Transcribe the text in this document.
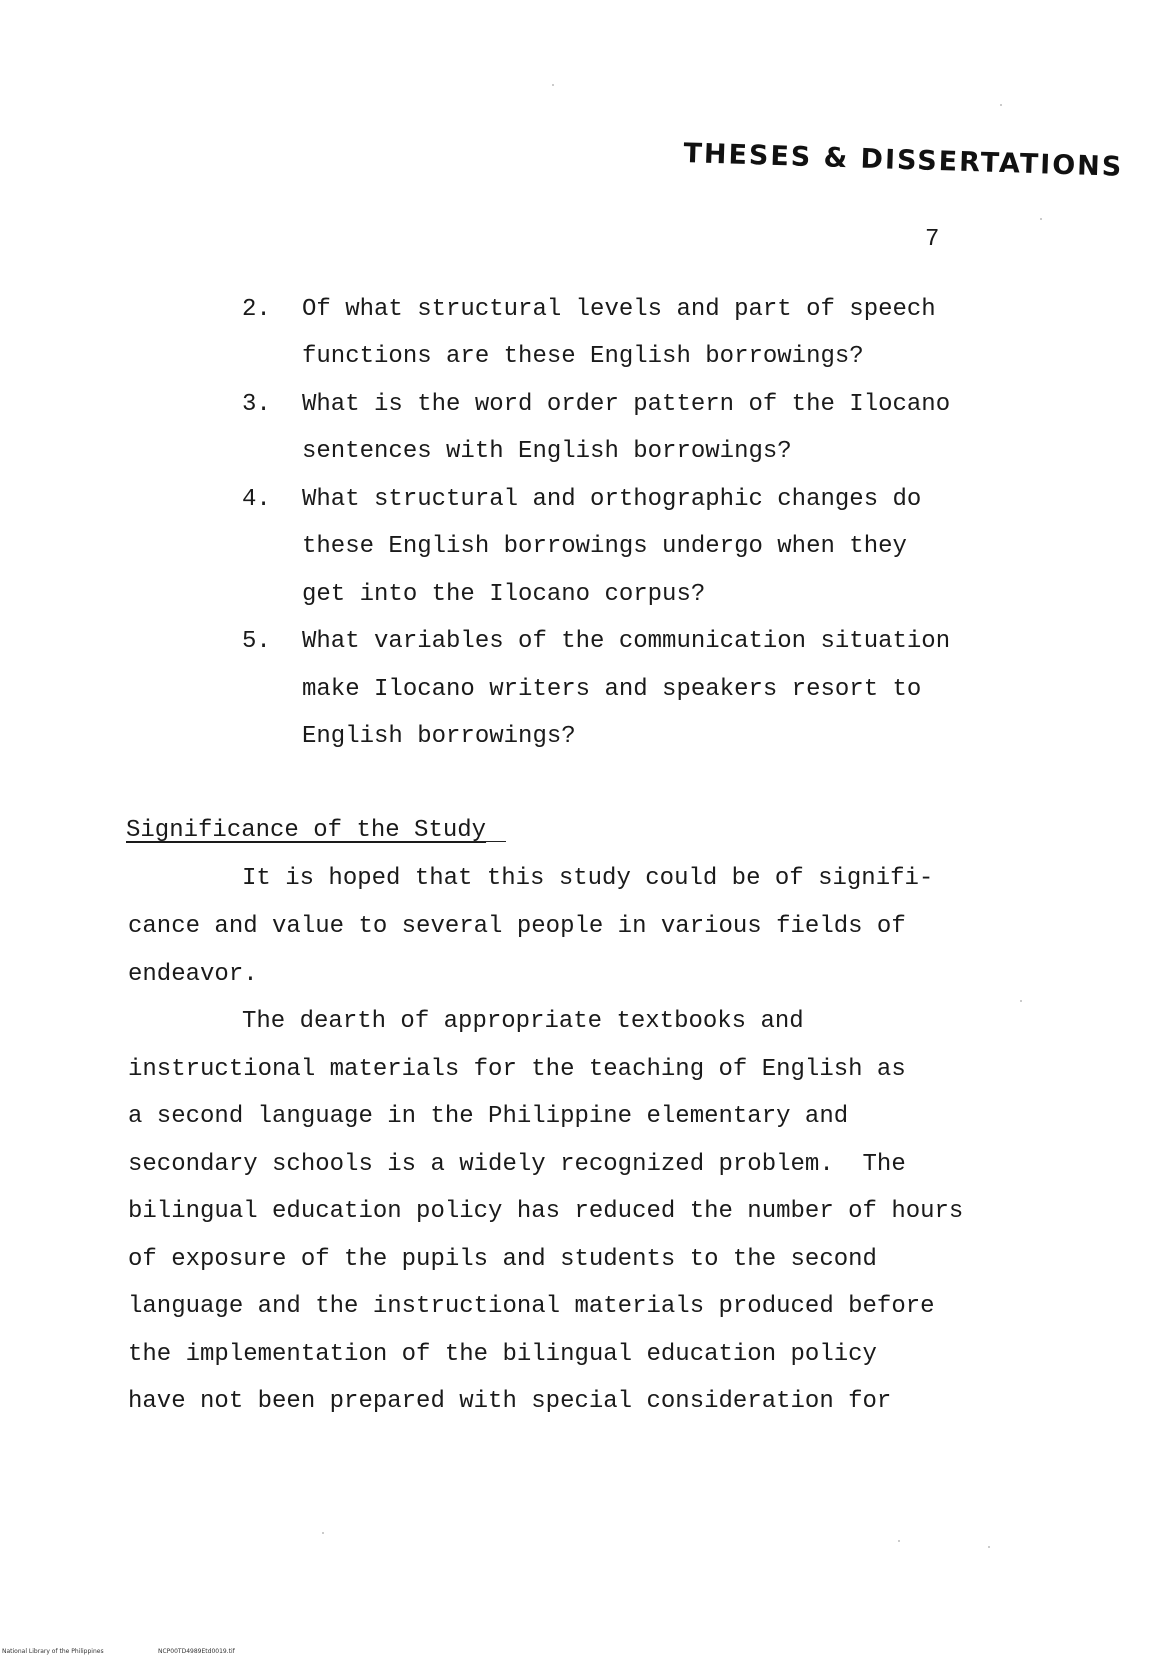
THESES & DISSERTATIONS
7
2. Of what structural levels and part of speech
functions are these English borrowings?
3. What is the word order pattern of the Ilocano
sentences with English borrowings?
4. What structural and orthographic changes do
these English borrowings undergo when they
get into the Ilocano corpus?
5. What variables of the communication situation
make Ilocano writers and speakers resort to
English borrowings?
Significance of the Study
It is hoped that this study could be of signifi-
cance and value to several people in various fields of
endeavor.
The dearth of appropriate textbooks and
instructional materials for the teaching of English as
a second language in the Philippine elementary and
secondary schools is a widely recognized problem.  The
bilingual education policy has reduced the number of hours
of exposure of the pupils and students to the second
language and the instructional materials produced before
the implementation of the bilingual education policy
have not been prepared with special consideration for
National Library of the Philippines	NCP00TD4989Etd0019.tif
